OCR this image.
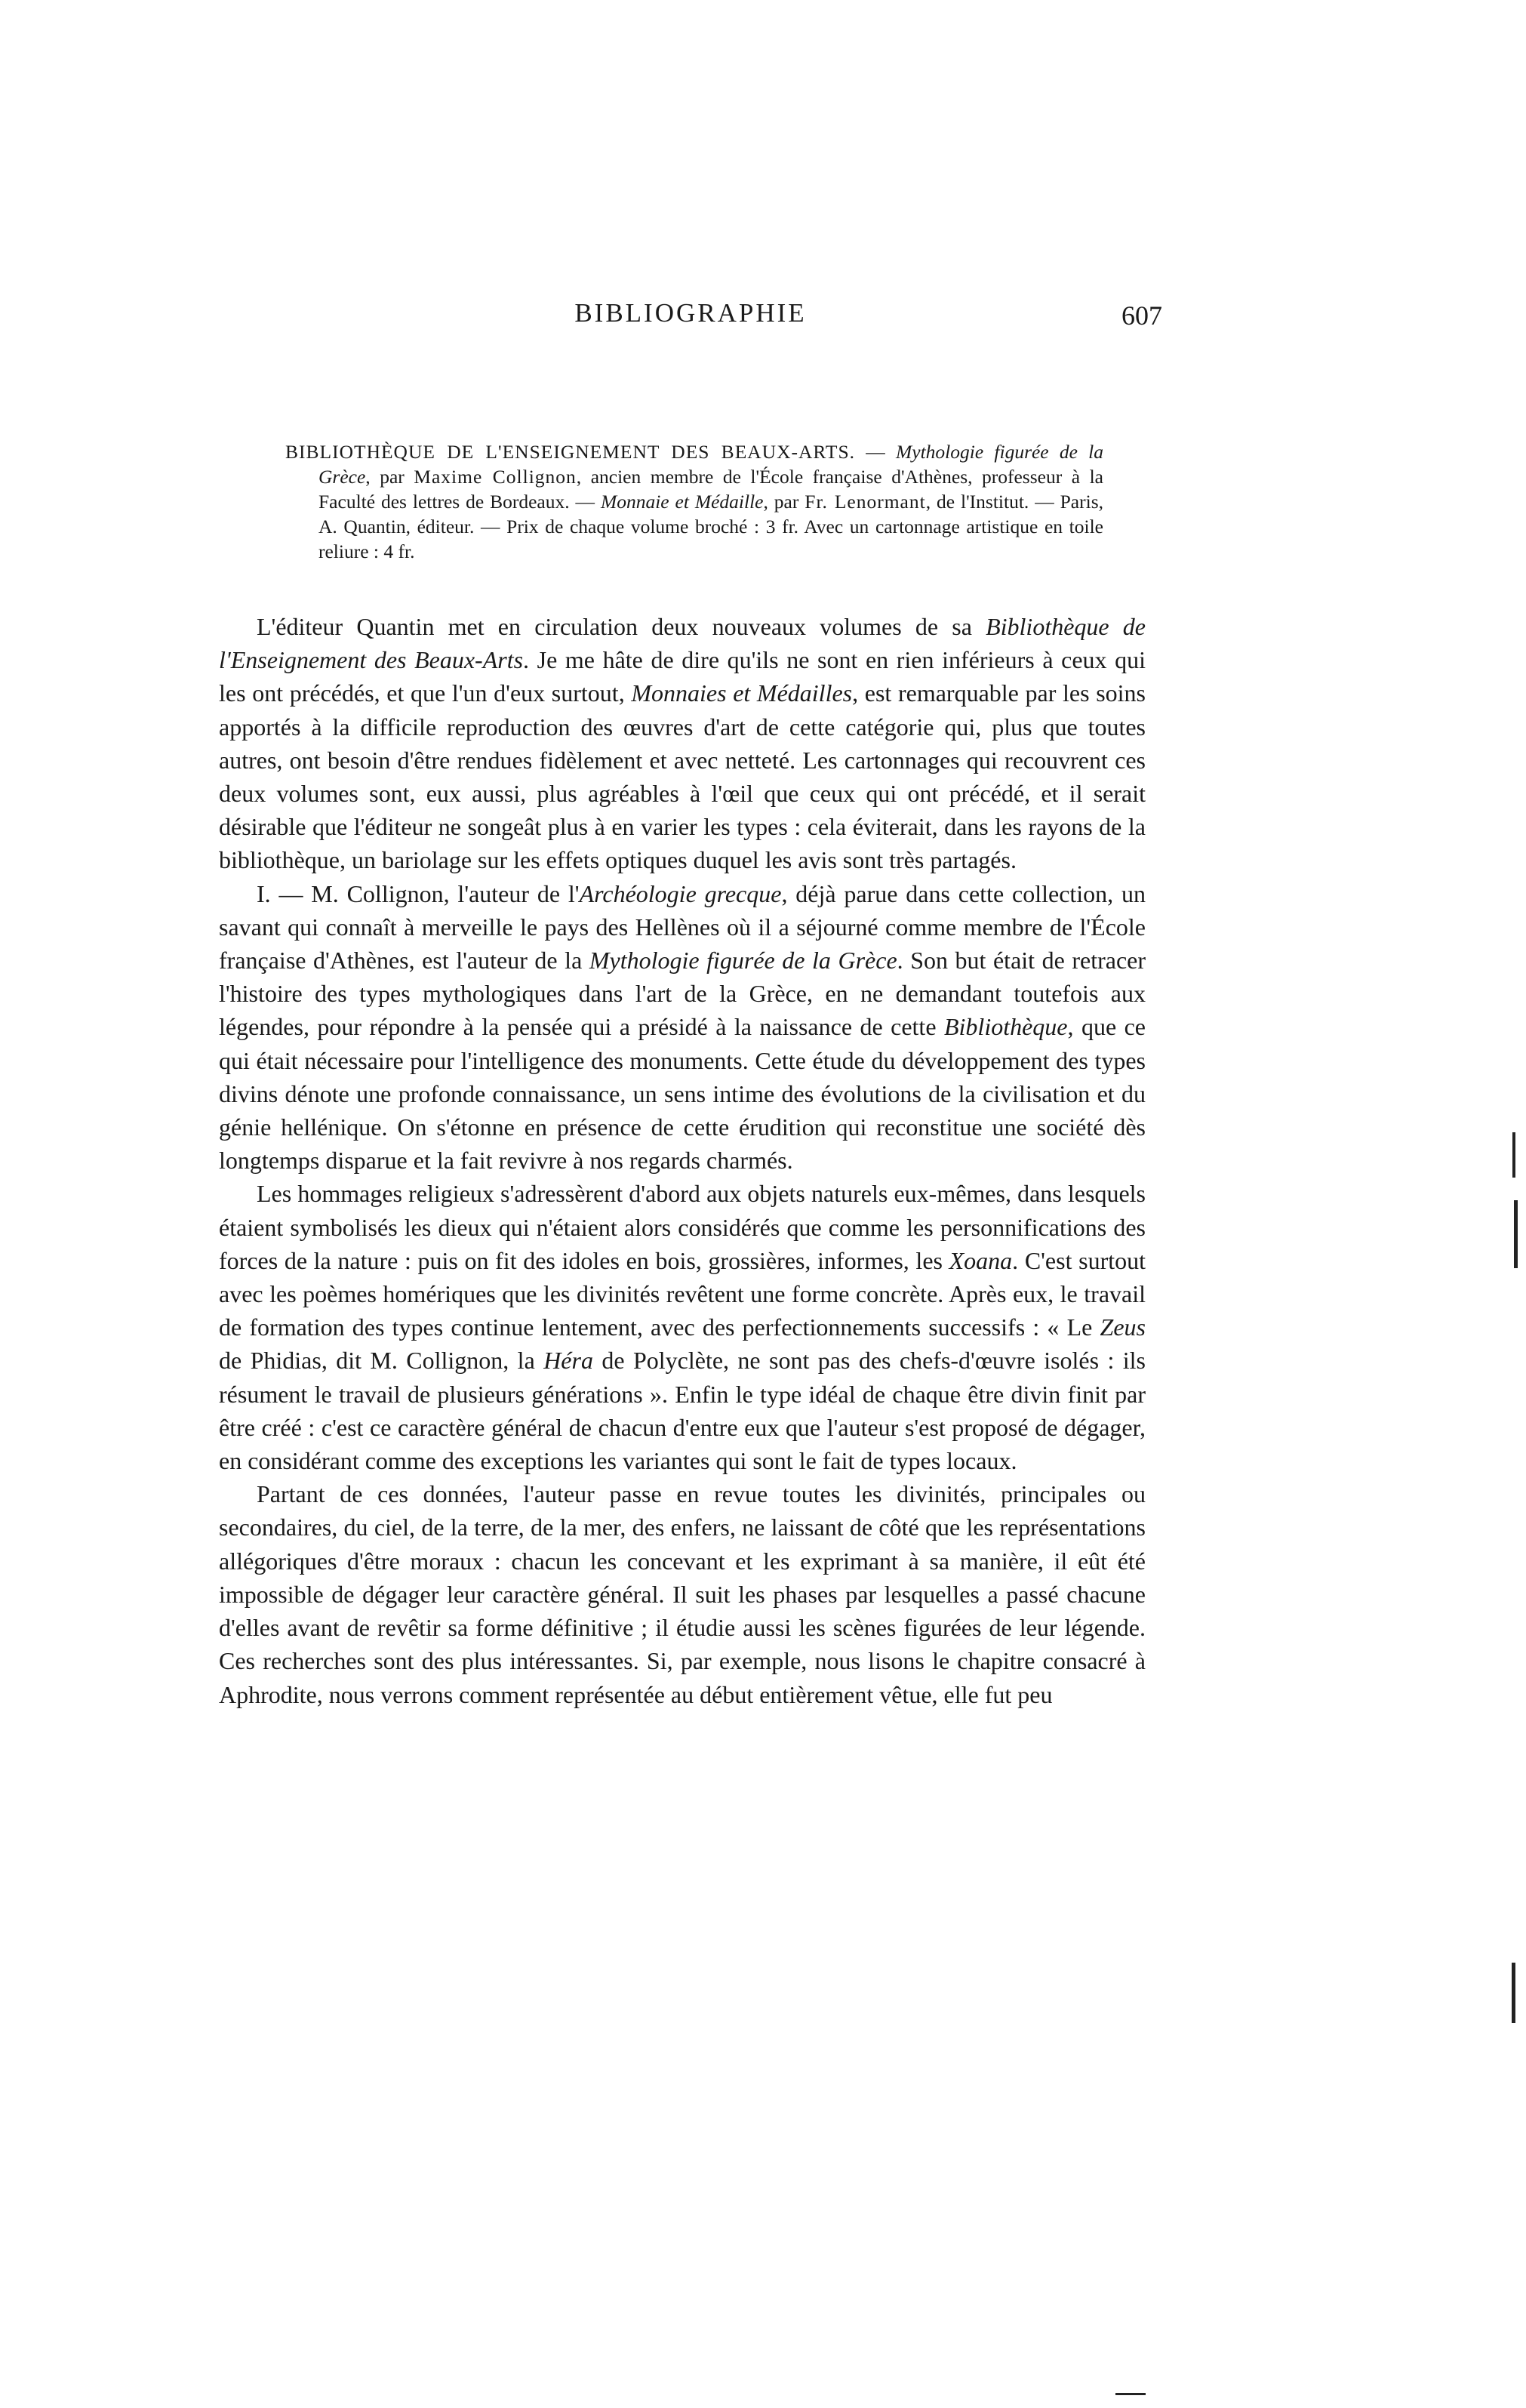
BIBLIOGRAPHIE	607
BIBLIOTHÈQUE DE L'ENSEIGNEMENT DES BEAUX-ARTS. — Mythologie figurée de la Grèce, par Maxime Collignon, ancien membre de l'École française d'Athènes, professeur à la Faculté des lettres de Bordeaux. — Monnaie et Médaille, par Fr. Lenormant, de l'Institut. — Paris, A. Quantin, éditeur. — Prix de chaque volume broché : 3 fr. Avec un cartonnage artistique en toile reliure : 4 fr.

L'éditeur Quantin met en circulation deux nouveaux volumes de sa Bibliothèque de l'Enseignement des Beaux-Arts. Je me hâte de dire qu'ils ne sont en rien inférieurs à ceux qui les ont précédés, et que l'un d'eux surtout, Monnaies et Médailles, est remarquable par les soins apportés à la difficile reproduction des œuvres d'art de cette catégorie qui, plus que toutes autres, ont besoin d'être rendues fidèlement et avec netteté. Les cartonnages qui recouvrent ces deux volumes sont, eux aussi, plus agréables à l'œil que ceux qui ont précédé, et il serait désirable que l'éditeur ne songeât plus à en varier les types : cela éviterait, dans les rayons de la bibliothèque, un bariolage sur les effets optiques duquel les avis sont très partagés.

I. — M. Collignon, l'auteur de l'Archéologie grecque, déjà parue dans cette collection, un savant qui connaît à merveille le pays des Hellènes où il a séjourné comme membre de l'École française d'Athènes, est l'auteur de la Mythologie figurée de la Grèce. Son but était de retracer l'histoire des types mythologiques dans l'art de la Grèce, en ne demandant toutefois aux légendes, pour répondre à la pensée qui a présidé à la naissance de cette Bibliothèque, que ce qui était nécessaire pour l'intelligence des monuments. Cette étude du développement des types divins dénote une profonde connaissance, un sens intime des évolutions de la civilisation et du génie hellénique. On s'étonne en présence de cette érudition qui reconstitue une société dès longtemps disparue et la fait revivre à nos regards charmés.

Les hommages religieux s'adressèrent d'abord aux objets naturels eux-mêmes, dans lesquels étaient symbolisés les dieux qui n'étaient alors considérés que comme les personnifications des forces de la nature : puis on fit des idoles en bois, grossières, informes, les Xoana. C'est surtout avec les poèmes homériques que les divinités revêtent une forme concrète. Après eux, le travail de formation des types continue lentement, avec des perfectionnements successifs : « Le Zeus de Phidias, dit M. Collignon, la Héra de Polyclète, ne sont pas des chefs-d'œuvre isolés : ils résument le travail de plusieurs générations ». Enfin le type idéal de chaque être divin finit par être créé : c'est ce caractère général de chacun d'entre eux que l'auteur s'est proposé de dégager, en considérant comme des exceptions les variantes qui sont le fait de types locaux.

Partant de ces données, l'auteur passe en revue toutes les divinités, principales ou secondaires, du ciel, de la terre, de la mer, des enfers, ne laissant de côté que les représentations allégoriques d'être moraux : chacun les concevant et les exprimant à sa manière, il eût été impossible de dégager leur caractère général. Il suit les phases par lesquelles a passé chacune d'elles avant de revêtir sa forme définitive ; il étudie aussi les scènes figurées de leur légende. Ces recherches sont des plus intéressantes. Si, par exemple, nous lisons le chapitre consacré à Aphrodite, nous verrons comment représentée au début entièrement vêtue, elle fut peu
